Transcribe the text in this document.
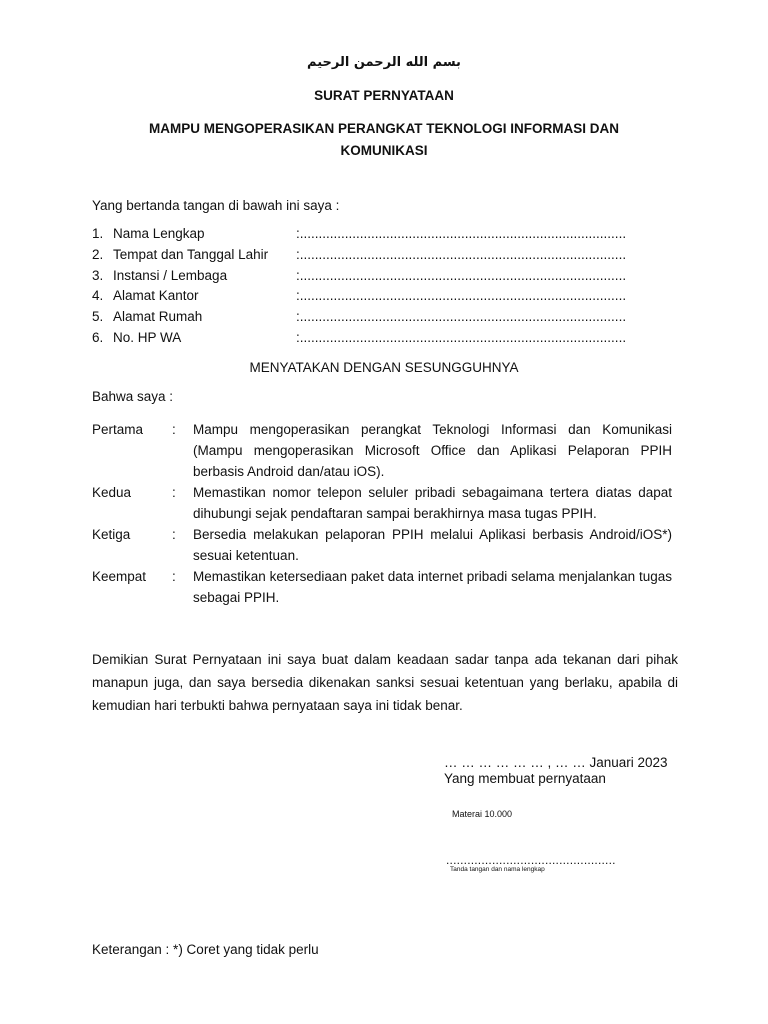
بسم الله الرحمن الرحيم
SURAT PERNYATAAN
MAMPU MENGOPERASIKAN PERANGKAT TEKNOLOGI INFORMASI DAN
KOMUNIKASI
Yang bertanda tangan di bawah ini saya :
1. Nama Lengkap	:.......................................................................................
2. Tempat dan Tanggal Lahir :.......................................................................................
3. Instansi / Lembaga	:.......................................................................................
4. Alamat Kantor	:.......................................................................................
5. Alamat Rumah	:.......................................................................................
6. No. HP WA	:.......................................................................................
MENYATAKAN DENGAN SESUNGGUHNYA
Bahwa saya :
Pertama : Mampu mengoperasikan perangkat Teknologi Informasi dan Komunikasi (Mampu mengoperasikan Microsoft Office dan Aplikasi Pelaporan PPIH berbasis Android dan/atau iOS).
Kedua	: Memastikan nomor telepon seluler pribadi sebagaimana tertera diatas dapat dihubungi sejak pendaftaran sampai berakhirnya masa tugas PPIH.
Ketiga	: Bersedia melakukan pelaporan PPIH melalui Aplikasi berbasis Android/iOS*) sesuai ketentuan.
Keempat : Memastikan ketersediaan paket data internet pribadi selama menjalankan tugas sebagai PPIH.
Demikian Surat Pernyataan ini saya buat dalam keadaan sadar tanpa ada tekanan dari pihak manapun juga, dan saya bersedia dikenakan sanksi sesuai ketentuan yang berlaku, apabila di kemudian hari terbukti bahwa pernyataan saya ini tidak benar.
… … … … … … , … … Januari 2023
Yang membuat pernyataan
Materai 10.000
................................................
Tanda tangan dan nama lengkap
Keterangan : *) Coret yang tidak perlu
